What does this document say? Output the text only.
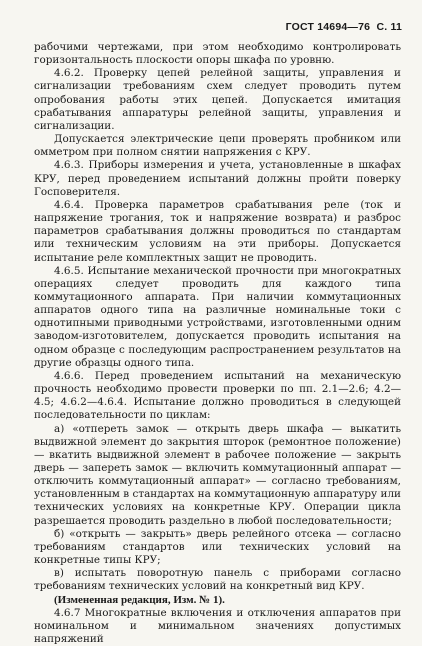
ГОСТ 14694—76 С. 11

рабочими чертежами, при этом необходимо контролировать горизонтальность плоскости опоры шкафа по уровню.

4.6.2. Проверку цепей релейной защиты, управления и сигнализации требованиям схем следует проводить путем опробования работы этих цепей. Допускается имитация срабатывания аппаратуры релейной защиты, управления и сигнализации.

Допускается электрические цепи проверять пробником или омметром при полном снятии напряжения с КРУ.

4.6.3. Приборы измерения и учета, установленные в шкафах КРУ, перед проведением испытаний должны пройти поверку Госповерителя.

4.6.4. Проверка параметров срабатывания реле (ток и напряжение трогания, ток и напряжение возврата) и разброс параметров срабатывания должны проводиться по стандартам или техническим условиям на эти приборы. Допускается испытание реле комплектных защит не проводить.

4.6.5. Испытание механической прочности при многократных операциях следует проводить для каждого типа коммутационного аппарата. При наличии коммутационных аппаратов одного типа на различные номинальные токи с однотипными приводными устройствами, изготовленными одним заводом-изготовителем, допускается проводить испытания на одном образце с последующим распространением результатов на другие образцы одного типа.

4.6.6. Перед проведением испытаний на механическую прочность необходимо провести проверки по пп. 2.1—2.6; 4.2—4.5; 4.6.2—4.6.4. Испытание должно проводиться в следующей последовательности по циклам:

а) «отпереть замок — открыть дверь шкафа — выкатить выдвижной элемент до закрытия шторок (ремонтное положение) — вкатить выдвижной элемент в рабочее положение — закрыть дверь — запереть замок — включить коммутационный аппарат — отключить коммутационный аппарат» — согласно требованиям, установленным в стандартах на коммутационную аппаратуру или технических условиях на конкретные КРУ. Операции цикла разрешается проводить раздельно в любой последовательности;

б) «открыть — закрыть» дверь релейного отсека — согласно требованиям стандартов или технических условий на конкретные типы КРУ;

в) испытать поворотную панель с приборами согласно требованиям технических условий на конкретный вид КРУ.

(Измененная редакция, Изм. № 1).

4.6.7 Многократные включения и отключения аппаратов при номинальном и минимальном значениях допустимых напряжений
